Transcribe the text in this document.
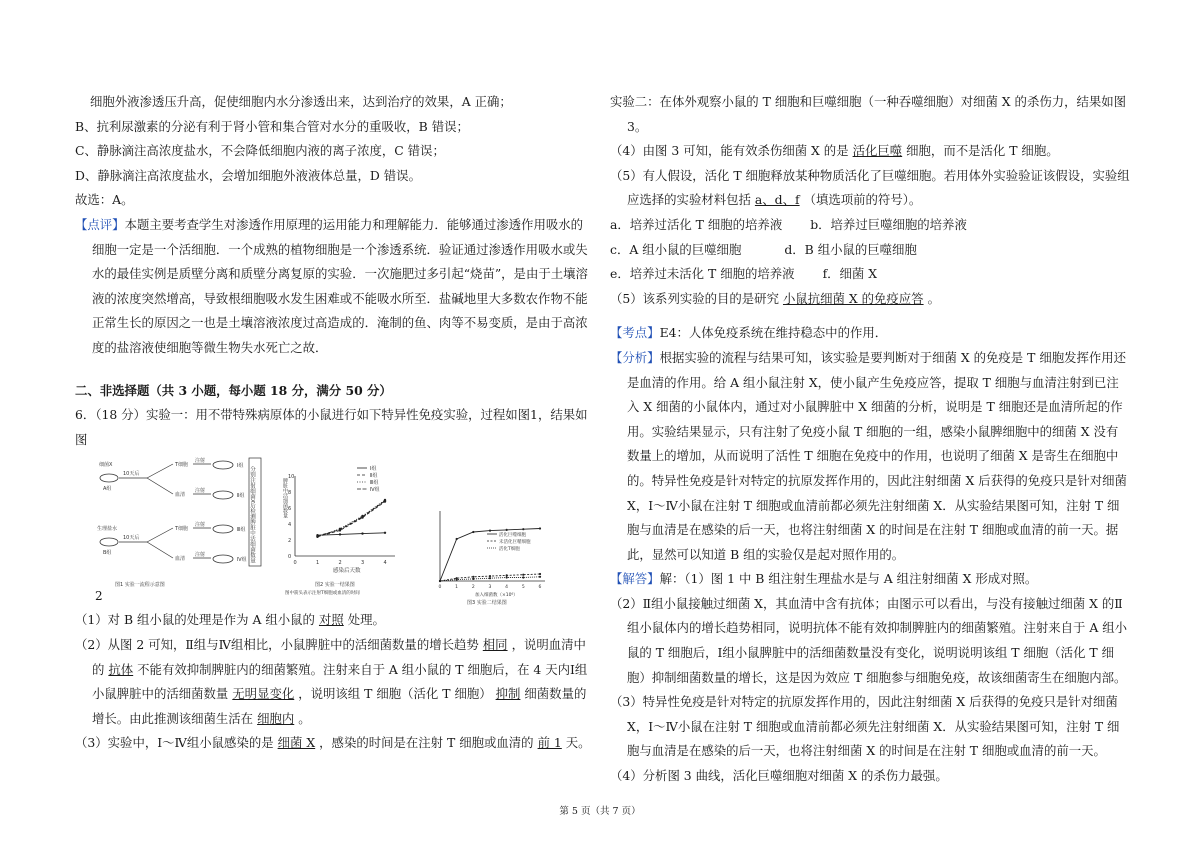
细胞外液渗透压升高，促使细胞内水分渗透出来，达到治疗的效果，A 正确；

B、抗利尿激素的分泌有利于肾小管和集合管对水分的重吸收，B 错误；

C、静脉滴注高浓度盐水，不会降低细胞内液的离子浓度，C 错误；

D、静脉滴注高浓度盐水，会增加细胞外液液体总量，D 错误。

故选：A。

【点评】本题主要考查学生对渗透作用原理的运用能力和理解能力．能够通过渗透作用吸水的细胞一定是一个活细胞．一个成熟的植物细胞是一个渗透系统．验证通过渗透作用吸水或失水的最佳实例是质壁分离和质壁分离复原的实验．一次施肥过多引起“烧苗”，是由于土壤溶液的浓度突然增高，导致根细胞吸水发生困难或不能吸水所至．盐碱地里大多数农作物不能正常生长的原因之一也是土壤溶液浓度过高造成的．淹制的鱼、肉等不易变质，是由于高浓度的盐溶液使细胞等微生物失水死亡之故．

二、非选择题（共 3 小题，每小题 18 分，满分 50 分）

6．（18 分）实验一：用不带特殊病原体的小鼠进行如下特异性免疫实验，过程如图1，结果如图

细菌X
A组
生理盐水
B组
10天后
10天后
T细胞
血清
T细胞
血清
注射
注射
注射
注射
Ⅰ组
Ⅱ组
Ⅲ组
Ⅳ组 分别注射细菌X后检测脾脏中活细菌数量
图1 实验一流程示意图
0
2
4
6
8
10
0	1	2	3	4
Ⅰ组
Ⅱ组
Ⅲ组
Ⅳ组
脾脏中活细菌数量
感染后天数
图2 实验一结果图
图中箭头表示注射T细胞或血清的时间
0	1	2	3	4	5	6
活化巨噬细胞
未活化巨噬细胞
活化T细胞
加入细菌数（×10⁶）
图3 实验二结果图
2

（1）对 B 组小鼠的处理是作为 A 组小鼠的 对照 处理。

（2）从图 2 可知，Ⅱ组与Ⅳ组相比，小鼠脾脏中的活细菌数量的增长趋势 相同 ，说明血清中的 抗体 不能有效抑制脾脏内的细菌繁殖。注射来自于 A 组小鼠的 T 细胞后，在 4 天内Ⅰ组小鼠脾脏中的活细菌数量 无明显变化 ，说明该组 T 细胞（活化 T 细胞） 抑制 细菌数量的增长。由此推测该细菌生活在 细胞内 。

（3）实验中，Ⅰ～Ⅳ组小鼠感染的是 细菌 X ，感染的时间是在注射 T 细胞或血清的 前 1 天。

实验二：在体外观察小鼠的 T 细胞和巨噬细胞（一种吞噬细胞）对细菌 X 的杀伤力，结果如图3。

（4）由图 3 可知，能有效杀伤细菌 X 的是 活化巨噬 细胞，而不是活化 T 细胞。

（5）有人假设，活化 T 细胞释放某种物质活化了巨噬细胞。若用体外实验验证该假设，实验组应选择的实验材料包括 a、d、f （填选项前的符号）。

a．培养过活化 T 细胞的培养液 b．培养过巨噬细胞的培养液
c．A 组小鼠的巨噬细胞	d．B 组小鼠的巨噬细胞
e．培养过未活化 T 细胞的培养液 f．细菌 X

（5）该系列实验的目的是研究 小鼠抗细菌 X 的免疫应答 。

【考点】E4：人体免疫系统在维持稳态中的作用．

【分析】根据实验的流程与结果可知，该实验是要判断对于细菌 X 的免疫是 T 细胞发挥作用还是血清的作用。给 A 组小鼠注射 X，使小鼠产生免疫应答，提取 T 细胞与血清注射到已注入 X 细菌的小鼠体内，通过对小鼠脾脏中 X 细菌的分析，说明是 T 细胞还是血清所起的作用。实验结果显示，只有注射了免疫小鼠 T 细胞的一组，感染小鼠脾细胞中的细菌 X 没有数量上的增加，从而说明了活性 T 细胞在免疫中的作用，也说明了细菌 X 是寄生在细胞中的。特异性免疫是针对特定的抗原发挥作用的，因此注射细菌 X 后获得的免疫只是针对细菌 X，Ⅰ～Ⅳ小鼠在注射 T 细胞或血清前都必须先注射细菌 X．从实验结果图可知，注射 T 细胞与血清是在感染的后一天，也将注射细菌 X 的时间是在注射 T 细胞或血清的前一天。据此，显然可以知道 B 组的实验仅是起对照作用的。

【解答】解：（1）图 1 中 B 组注射生理盐水是与 A 组注射细菌 X 形成对照。

（2）Ⅱ组小鼠接触过细菌 X，其血清中含有抗体；由图示可以看出，与没有接触过细菌 X 的Ⅱ组小鼠体内的增长趋势相同，说明抗体不能有效抑制脾脏内的细菌繁殖。注射来自于 A 组小鼠的 T 细胞后，Ⅰ组小鼠脾脏中的活细菌数量没有变化，说明说明该组 T 细胞（活化 T 细胞）抑制细菌数量的增长，这是因为效应 T 细胞参与细胞免疫，故该细菌寄生在细胞内部。

（3）特异性免疫是针对特定的抗原发挥作用的，因此注射细菌 X 后获得的免疫只是针对细菌 X，Ⅰ～Ⅳ小鼠在注射 T 细胞或血清前都必须先注射细菌 X．从实验结果图可知，注射 T 细胞与血清是在感染的后一天，也将注射细菌 X 的时间是在注射 T 细胞或血清的前一天。

（4）分析图 3 曲线，活化巨噬细胞对细菌 X 的杀伤力最强。

第 5 页（共 7 页）
